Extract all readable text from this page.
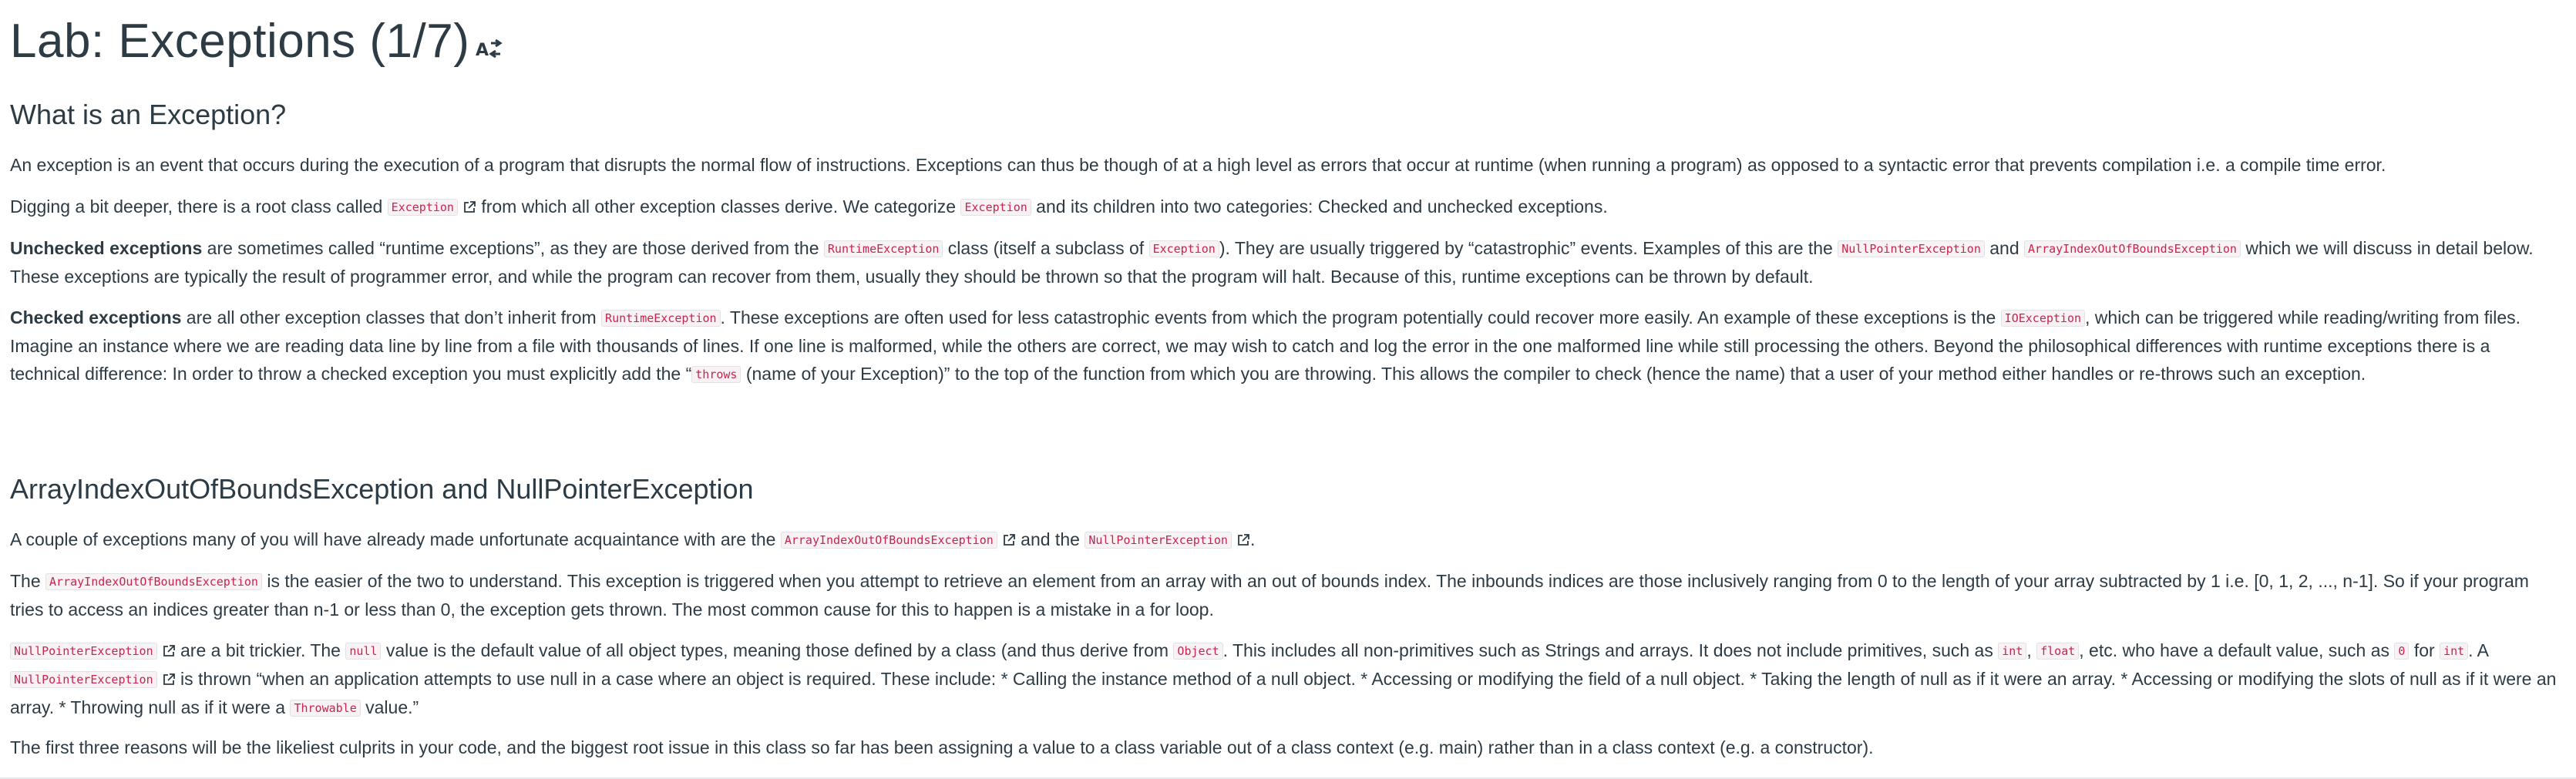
Lab: Exceptions (1/7) A
What is an Exception?

An exception is an event that occurs during the execution of a program that disrupts the normal flow of instructions. Exceptions can thus be though of at a high level as errors that occur at runtime (when running a program) as opposed to a syntactic error that prevents compilation i.e. a compile time error.

Digging a bit deeper, there is a root class called Exception from which all other exception classes derive. We categorize Exception and its children into two categories: Checked and unchecked exceptions.

Unchecked exceptions are sometimes called “runtime exceptions”, as they are those derived from the RuntimeException class (itself a subclass of Exception ). They are usually triggered by “catastrophic” events. Examples of this are the NullPointerException and ArrayIndexOutOfBoundsException which we will discuss in detail below. These exceptions are typically the result of programmer error, and while the program can recover from them, usually they should be thrown so that the program will halt. Because of this, runtime exceptions can be thrown by default.

Checked exceptions are all other exception classes that don’t inherit from RuntimeException . These exceptions are often used for less catastrophic events from which the program potentially could recover more easily. An example of these exceptions is the IOException , which can be triggered while reading/writing from files. Imagine an instance where we are reading data line by line from a file with thousands of lines. If one line is malformed, while the others are correct, we may wish to catch and log the error in the one malformed line while still processing the others. Beyond the philosophical differences with runtime exceptions there is a technical difference: In order to throw a checked exception you must explicitly add the “ throws (name of your Exception)” to the top of the function from which you are throwing. This allows the compiler to check (hence the name) that a user of your method either handles or re-throws such an exception.

ArrayIndexOutOfBoundsException and NullPointerException

A couple of exceptions many of you will have already made unfortunate acquaintance with are the ArrayIndexOutOfBoundsException and the NullPointerException .

The ArrayIndexOutOfBoundsException is the easier of the two to understand. This exception is triggered when you attempt to retrieve an element from an array with an out of bounds index. The inbounds indices are those inclusively ranging from 0 to the length of your array subtracted by 1 i.e. [0, 1, 2, ..., n-1]. So if your program tries to access an indices greater than n-1 or less than 0, the exception gets thrown. The most common cause for this to happen is a mistake in a for loop.

NullPointerException are a bit trickier. The null value is the default value of all object types, meaning those defined by a class (and thus derive from Object . This includes all non-primitives such as Strings and arrays. It does not include primitives, such as int , float , etc. who have a default value, such as 0 for int . A NullPointerException is thrown “when an application attempts to use null in a case where an object is required. These include: * Calling the instance method of a null object. * Accessing or modifying the field of a null object. * Taking the length of null as if it were an array. * Accessing or modifying the slots of null as if it were an array. * Throwing null as if it were a Throwable value.”

The first three reasons will be the likeliest culprits in your code, and the biggest root issue in this class so far has been assigning a value to a class variable out of a class context (e.g. main) rather than in a class context (e.g. a constructor).
